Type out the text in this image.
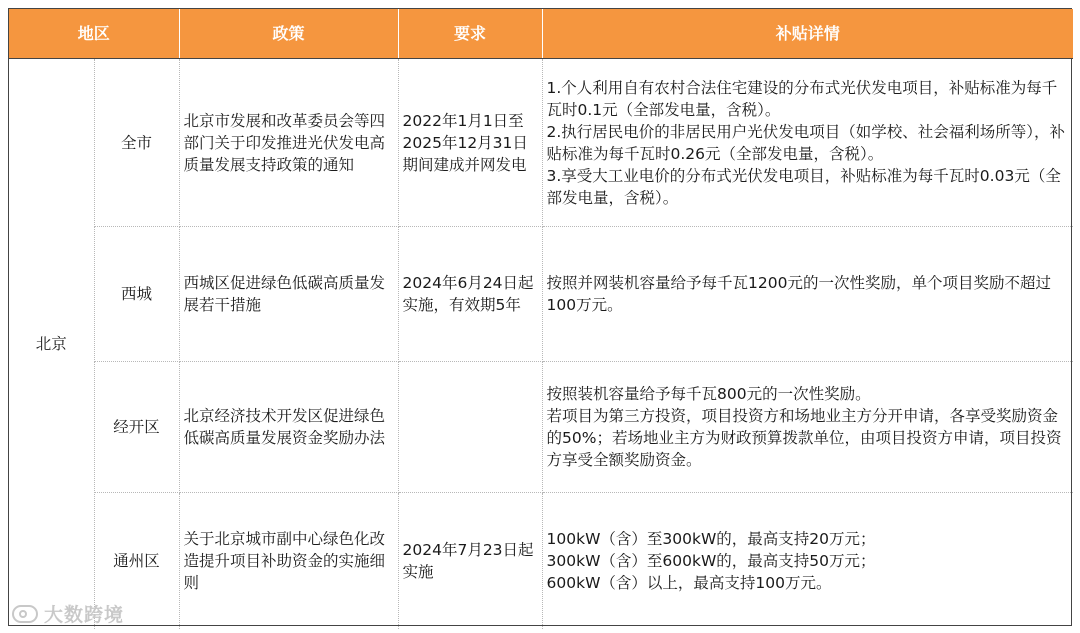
地区		政策	要求	补贴详情
北京	全市	北京市发展和改革委员会等四部门关于印发推进光伏发电高质量发展支持政策的通知	2022年1月1日至2025年12月31日期间建成并网发电	1.个人利用自有农村合法住宅建设的分布式光伏发电项目，补贴标准为每千瓦时0.1元（全部发电量，含税）。
2.执行居民电价的非居民用户光伏发电项目（如学校、社会福利场所等），补贴标准为每千瓦时0.26元（全部发电量，含税）。
3.享受大工业电价的分布式光伏发电项目，补贴标准为每千瓦时0.03元（全部发电量，含税）。
	西城	西城区促进绿色低碳高质量发展若干措施	2024年6月24日起实施，有效期5年	按照并网装机容量给予每千瓦1200元的一次性奖励，单个项目奖励不超过100万元。
	经开区	北京经济技术开发区促进绿色低碳高质量发展资金奖励办法		按照装机容量给予每千瓦800元的一次性奖励。
若项目为第三方投资，项目投资方和场地业主方分开申请，各享受奖励资金的50%；若场地业主方为财政预算拨款单位，由项目投资方申请，项目投资方享受全额奖励资金。
	通州区	关于北京城市副中心绿色化改造提升项目补助资金的实施细则	2024年7月23日起实施	100kW（含）至300kW的，最高支持20万元；
300kW（含）至600kW的，最高支持50万元；
600kW（含）以上，最高支持100万元。
大数跨境
